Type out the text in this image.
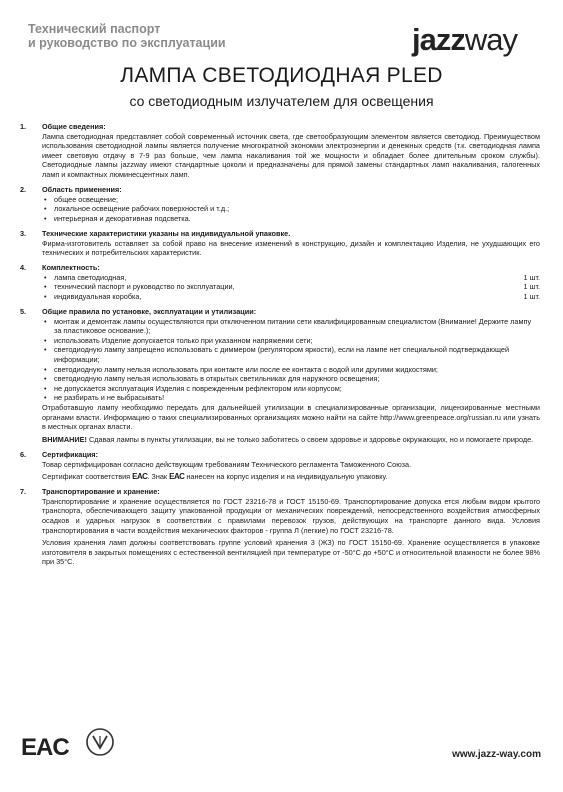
Технический паспорт
и руководство по эксплуатации	jazzway
ЛАМПА СВЕТОДИОДНАЯ PLED
со светодиодным излучателем для освещения
1. Общие сведения:

Лампа светодиодная представляет собой современный источник света, где светообразующим элементом является светодиод. Преимуществом использования светодиодной лампы является получение многократной экономии электроэнергии и денежных средств (т.к. светодиодная лампа имеет световую отдачу в 7-9 раз больше, чем лампа накаливания той же мощности и обладает более длительным сроком службы). Светодиодные лампы jazzway имеют стандартные цоколи и предназначены для прямой замены стандартных ламп накаливания, галогенных ламп и компактных люминесцентных ламп.

2. Область применения:
• общее освещение;
• локальное освещение рабочих поверхностей и т.д.;
• интерьерная и декоративная подсветка.
3. Технические характеристики указаны на индивидуальной упаковке.

Фирма-изготовитель оставляет за собой право на внесение изменений в конструкцию, дизайн и комплектацию Изделия, не ухудшающих его технических и потребительских характеристик.

4. Комплектность:
• лампа светодиодная,	1 шт.
• технический паспорт и руководство по эксплуатации,	1 шт.
• индивидуальная коробка,	1 шт.
5. Общие правила по установке, эксплуатации и утилизации:
• монтаж и демонтаж лампы осуществляются при отключенном питании сети квалифицированным специалистом (Внимание! Держите лампу за пластиковое основание.);
• использовать Изделие допускается только при указанном напряжении сети;
• светодиодную лампу запрещено использовать с диммером (регулятором яркости), если на лампе нет специальной подтверждающей информации;
• светодиодную лампу нельзя использовать при контакте или после ее контакта с водой или другими жидкостями;
• светодиодную лампу нельзя использовать в открытых светильниках для наружного освещения;
• не допускается эксплуатация Изделия с поврежденным рефлектором или корпусом;
• не разбирать и не выбрасывать!

Отработавшую лампу необходимо передать для дальнейшей утилизации в специализированные организации, лицензированные местными органами власти. Информацию о таких специализированных организациях можно найти на сайте http://www.greenpeace.org/russian.ru или узнать в местных органах власти.

ВНИМАНИЕ! Сдавая лампы в пункты утилизации, вы не только заботитесь о своем здоровье и здоровье окружающих, но и помогаете природе.

6. Сертификация:

Товар сертифицирован согласно действующим требованиям Технического регламента Таможенного Союза.

Сертификат соответствия ЕАС. Знак ЕАС нанесен на корпус изделия и на индивидуальную упаковку.

7. Транспортирование и хранение:

Транспортирование и хранение осуществляется по ГОСТ 23216-78 и ГОСТ 15150-69. Транспортирование допуска ется любым видом крытого транспорта, обеспечивающего защиту упакованной продукции от механических повреждений, непосредственного воздействия атмосферных осадков и ударных нагрузок в соответствии с правилами перевозок грузов, действующих на транспорте данного вида. Условия транспортирования в части воздействия механических факторов - группа Л (легкие) по ГОСТ 23216-78.

Условия хранения ламп должны соответствовать группе условий хранения 3 (ЖЗ) по ГОСТ 15150-69. Хранение осуществляется в упаковке изготовителя в закрытых помещениях с естественной вентиляцией при температуре от -50°С до +50°С и относительной влажности не более 98% при 35°С.

EAC	www.jazz-way.com
